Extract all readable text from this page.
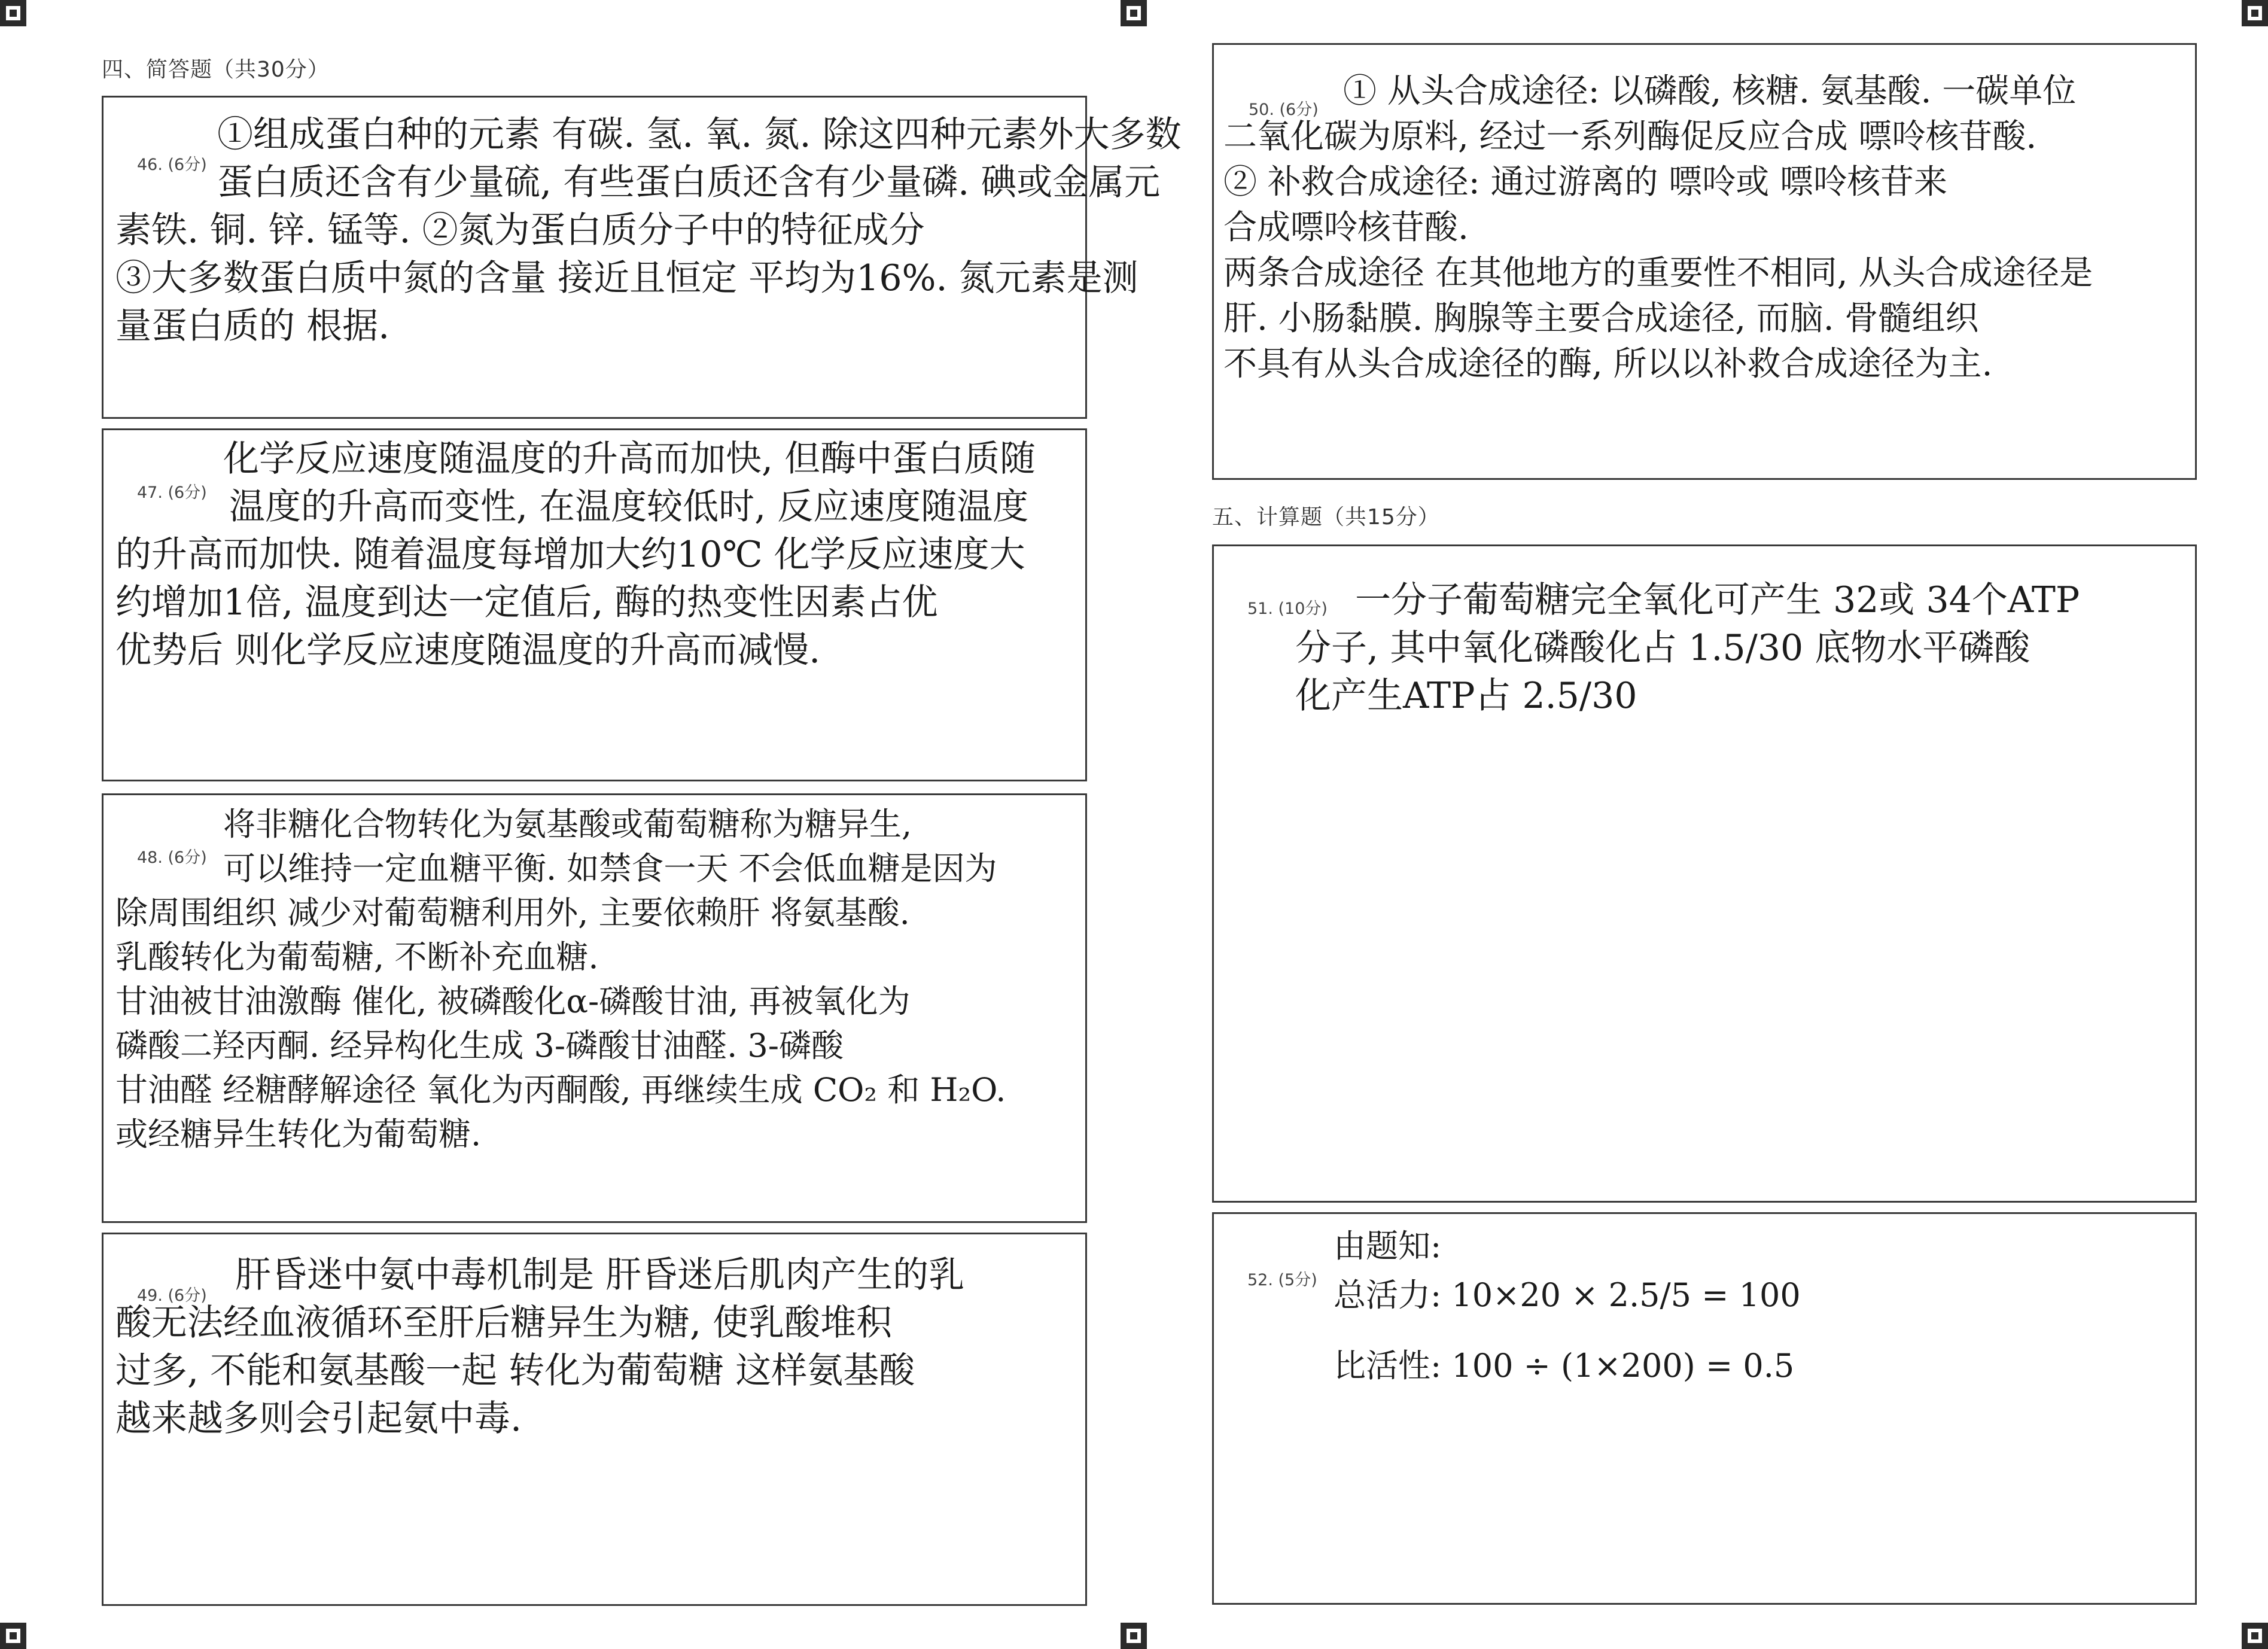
四、简答题（共30分）
46. (6分)
①组成蛋白种的元素 有碳. 氢. 氧. 氮. 除这四种元素外大多数
蛋白质还含有少量硫, 有些蛋白质还含有少量磷. 碘或金属元
素铁. 铜. 锌. 锰等. ②氮为蛋白质分子中的特征成分
③大多数蛋白质中氮的含量 接近且恒定 平均为16%. 氮元素是测
量蛋白质的 根据.
47. (6分)
化学反应速度随温度的升高而加快, 但酶中蛋白质随
温度的升高而变性, 在温度较低时, 反应速度随温度
的升高而加快. 随着温度每增加大约10℃ 化学反应速度大
约增加1倍, 温度到达一定值后, 酶的热变性因素占优
优势后 则化学反应速度随温度的升高而减慢.
48. (6分)
将非糖化合物转化为氨基酸或葡萄糖称为糖异生,
可以维持一定血糖平衡. 如禁食一天 不会低血糖是因为
除周围组织 减少对葡萄糖利用外, 主要依赖肝 将氨基酸.
乳酸转化为葡萄糖, 不断补充血糖.
甘油被甘油激酶 催化, 被磷酸化α-磷酸甘油, 再被氧化为
磷酸二羟丙酮. 经异构化生成 3-磷酸甘油醛. 3-磷酸
甘油醛 经糖酵解途径 氧化为丙酮酸, 再继续生成 CO₂ 和 H₂O.
或经糖异生转化为葡萄糖.
49. (6分) 肝昏迷中氨中毒机制是 肝昏迷后肌肉产生的乳
酸无法经血液循环至肝后糖异生为糖, 使乳酸堆积
过多, 不能和氨基酸一起 转化为葡萄糖 这样氨基酸
越来越多则会引起氨中毒.
50. (6分) ① 从头合成途径: 以磷酸, 核糖. 氨基酸. 一碳单位
二氧化碳为原料, 经过一系列酶促反应合成 嘌呤核苷酸.
② 补救合成途径: 通过游离的 嘌呤或 嘌呤核苷来
合成嘌呤核苷酸.
两条合成途径 在其他地方的重要性不相同, 从头合成途径是
肝. 小肠黏膜. 胸腺等主要合成途径, 而脑. 骨髓组织
不具有从头合成途径的酶, 所以以补救合成途径为主.
五、计算题（共15分）
51. (10分) 一分子葡萄糖完全氧化可产生 32或 34个ATP
分子, 其中氧化磷酸化占 1.5/30 底物水平磷酸
化产生ATP占 2.5/30
52. (5分)
由题知:
总活力: 10×20 × 2.5/5 = 100
比活性: 100 ÷ (1×200) = 0.5
